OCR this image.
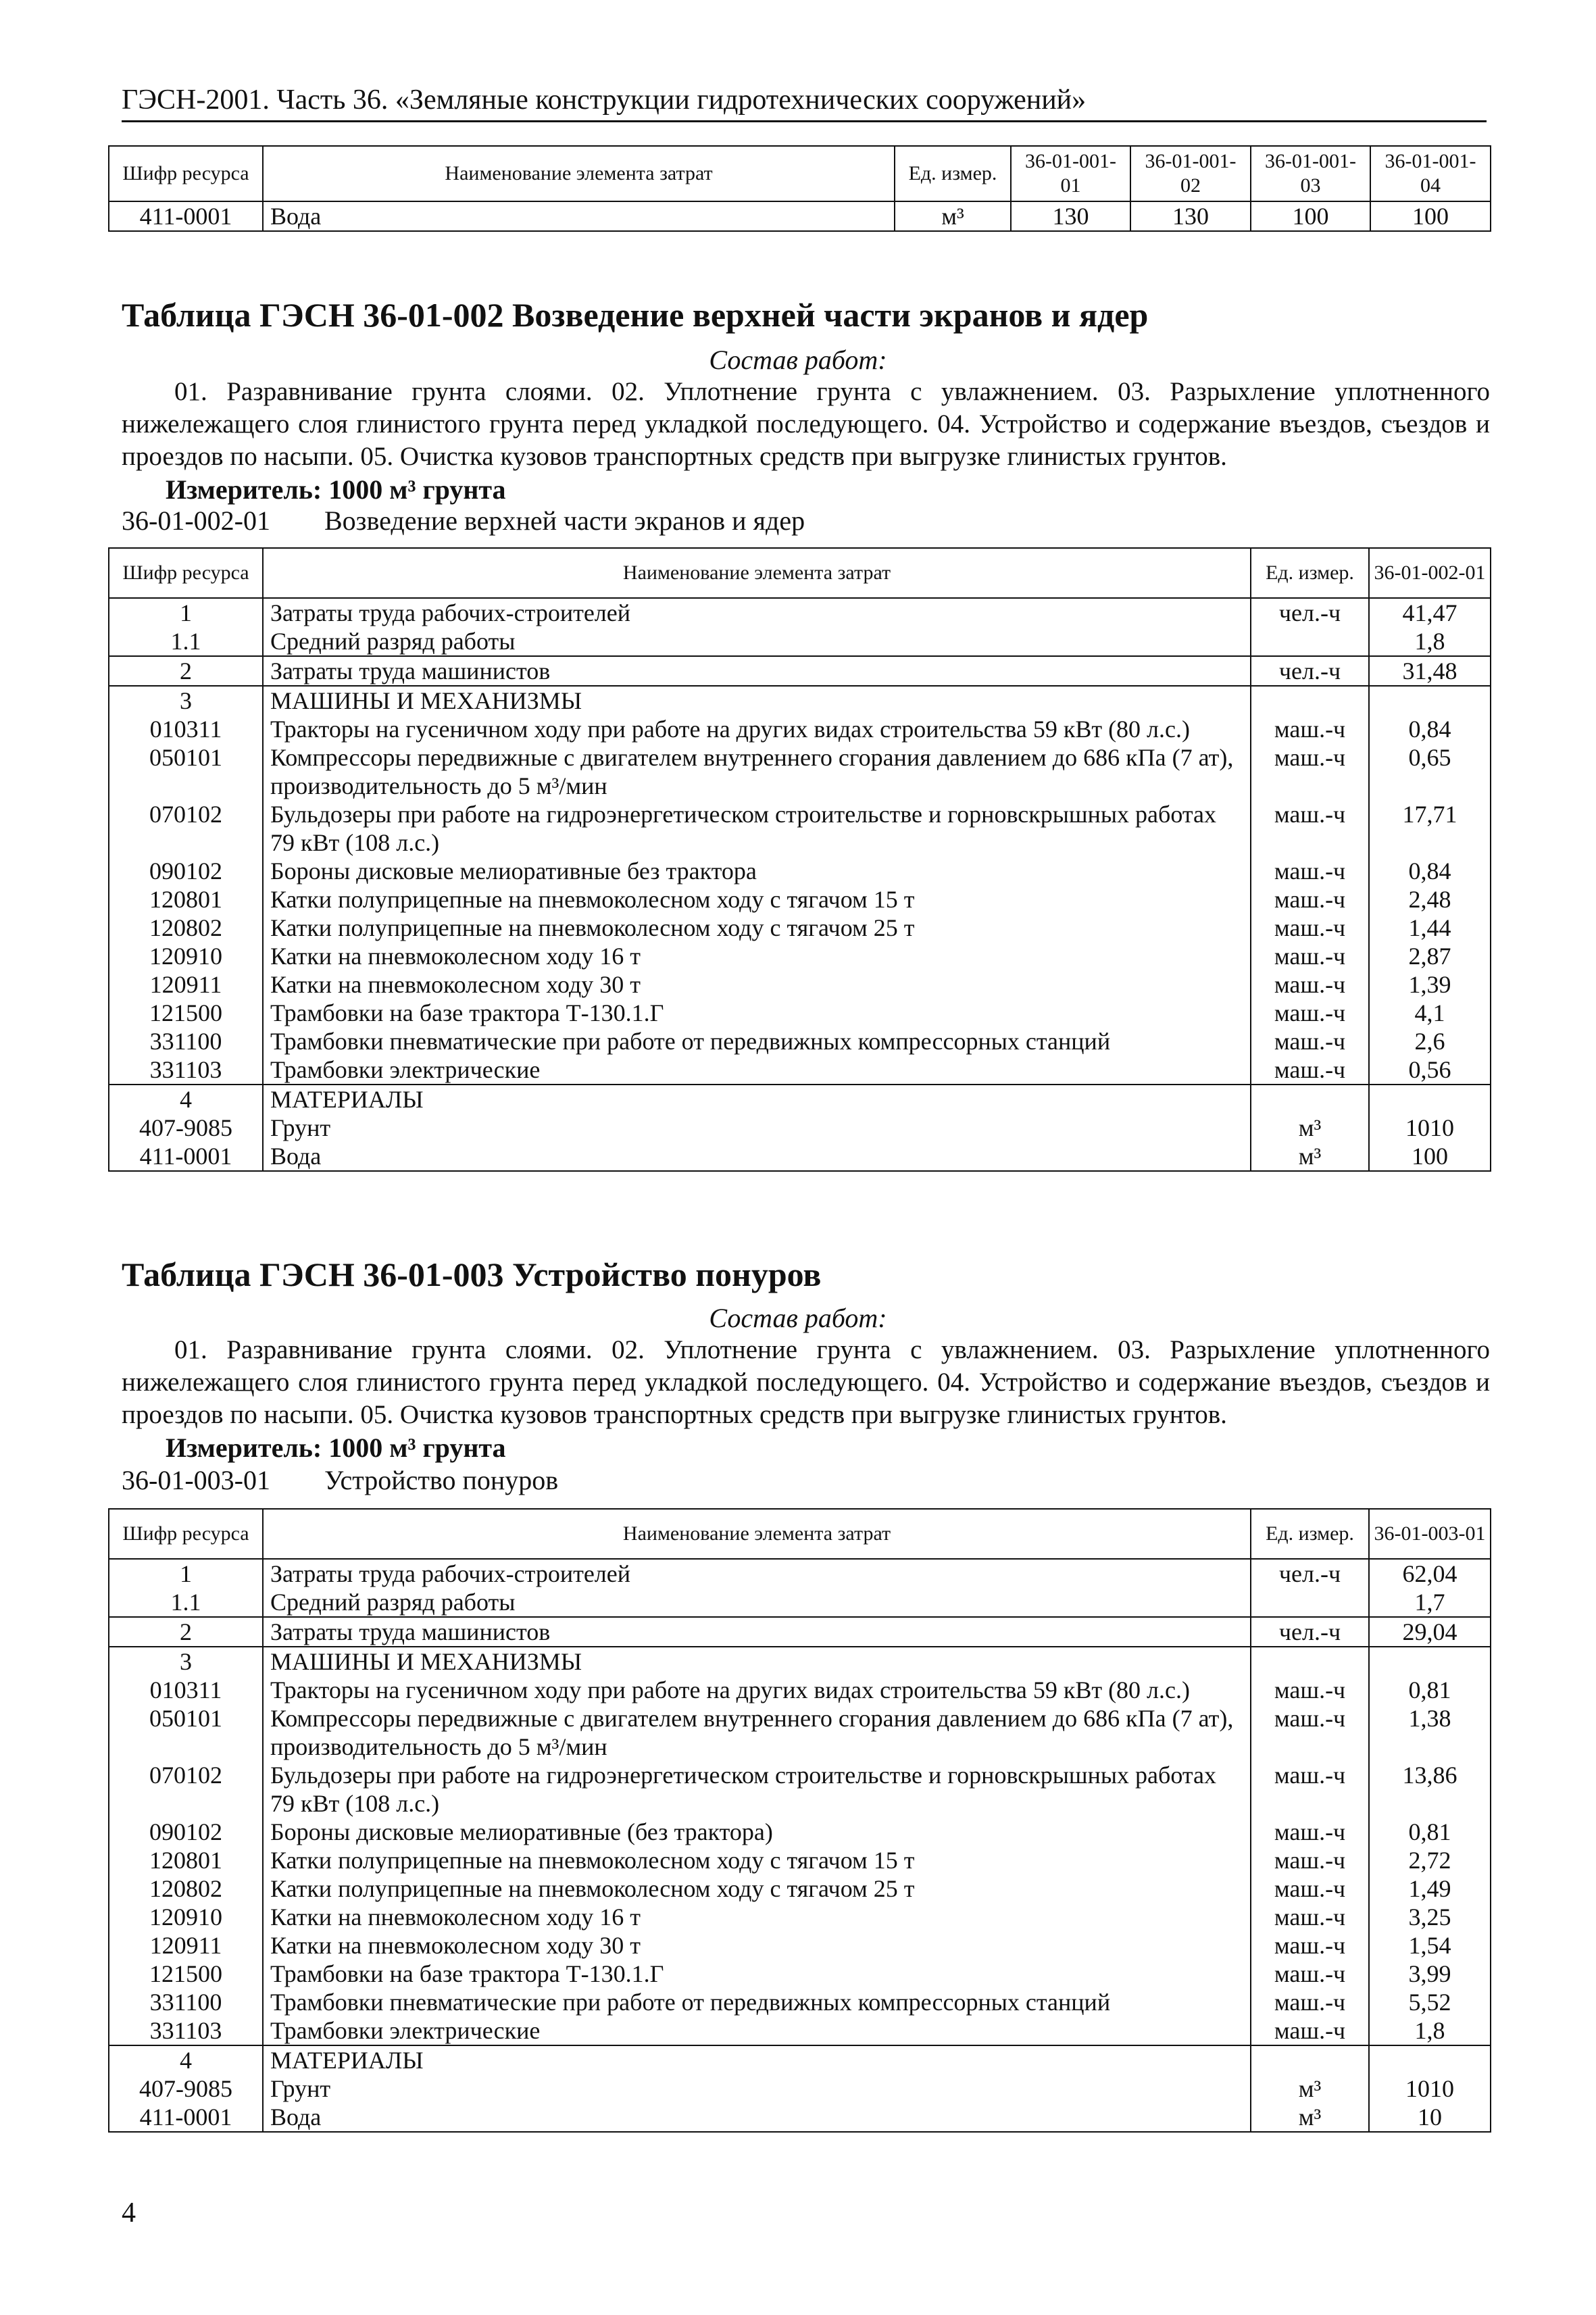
ГЭСН-2001. Часть 36. «Земляные конструкции гидротехнических сооружений»
Шифр ресурса	Наименование элемента затрат	Ед. измер.	36-01-001-01	36-01-001-02	36-01-001-03	36-01-001-04
411-0001	Вода	м³	130	130	100	100
Таблица ГЭСН 36-01-002 Возведение верхней части экранов и ядер
Состав работ:
01. Разравнивание грунта слоями. 02. Уплотнение грунта с увлажнением. 03. Разрыхление уплотненного нижележащего слоя глинистого грунта перед укладкой последующего. 04. Устройство и содержание въездов, съездов и проездов по насыпи. 05. Очистка кузовов транспортных средств при выгрузке глинистых грунтов.
Измеритель: 1000 м³ грунта
36-01-002-01 Возведение верхней части экранов и ядер
Шифр ресурса	Наименование элемента затрат	Ед. измер.	36-01-002-01
1	Затраты труда рабочих-строителей	чел.-ч	41,47
1.1	Средний разряд работы		1,8
2	Затраты труда машинистов	чел.-ч	31,48
3	МАШИНЫ И МЕХАНИЗМЫ		
010311	Тракторы на гусеничном ходу при работе на других видах строительства 59 кВт (80 л.с.)	маш.-ч	0,84
050101	Компрессоры передвижные с двигателем внутреннего сгорания давлением до 686 кПа (7 ат), производительность до 5 м³/мин	маш.-ч	0,65
070102	Бульдозеры при работе на гидроэнергетическом строительстве и горновскрышных работах 79 кВт (108 л.с.)	маш.-ч	17,71
090102	Бороны дисковые мелиоративные без трактора	маш.-ч	0,84
120801	Катки полуприцепные на пневмоколесном ходу с тягачом 15 т	маш.-ч	2,48
120802	Катки полуприцепные на пневмоколесном ходу с тягачом 25 т	маш.-ч	1,44
120910	Катки на пневмоколесном ходу 16 т	маш.-ч	2,87
120911	Катки на пневмоколесном ходу 30 т	маш.-ч	1,39
121500	Трамбовки на базе трактора Т-130.1.Г	маш.-ч	4,1
331100	Трамбовки пневматические при работе от передвижных компрессорных станций	маш.-ч	2,6
331103	Трамбовки электрические	маш.-ч	0,56
4	МАТЕРИАЛЫ		
407-9085	Грунт	м³	1010
411-0001	Вода	м³	100
Таблица ГЭСН 36-01-003 Устройство понуров
Состав работ:
01. Разравнивание грунта слоями. 02. Уплотнение грунта с увлажнением. 03. Разрыхление уплотненного нижележащего слоя глинистого грунта перед укладкой последующего. 04. Устройство и содержание въездов, съездов и проездов по насыпи. 05. Очистка кузовов транспортных средств при выгрузке глинистых грунтов.
Измеритель: 1000 м³ грунта
36-01-003-01 Устройство понуров
Шифр ресурса	Наименование элемента затрат	Ед. измер.	36-01-003-01
1	Затраты труда рабочих-строителей	чел.-ч	62,04
1.1	Средний разряд работы		1,7
2	Затраты труда машинистов	чел.-ч	29,04
3	МАШИНЫ И МЕХАНИЗМЫ		
010311	Тракторы на гусеничном ходу при работе на других видах строительства 59 кВт (80 л.с.)	маш.-ч	0,81
050101	Компрессоры передвижные с двигателем внутреннего сгорания давлением до 686 кПа (7 ат), производительность до 5 м³/мин	маш.-ч	1,38
070102	Бульдозеры при работе на гидроэнергетическом строительстве и горновскрышных работах 79 кВт (108 л.с.)	маш.-ч	13,86
090102	Бороны дисковые мелиоративные (без трактора)	маш.-ч	0,81
120801	Катки полуприцепные на пневмоколесном ходу с тягачом 15 т	маш.-ч	2,72
120802	Катки полуприцепные на пневмоколесном ходу с тягачом 25 т	маш.-ч	1,49
120910	Катки на пневмоколесном ходу 16 т	маш.-ч	3,25
120911	Катки на пневмоколесном ходу 30 т	маш.-ч	1,54
121500	Трамбовки на базе трактора Т-130.1.Г	маш.-ч	3,99
331100	Трамбовки пневматические при работе от передвижных компрессорных станций	маш.-ч	5,52
331103	Трамбовки электрические	маш.-ч	1,8
4	МАТЕРИАЛЫ		
407-9085	Грунт	м³	1010
411-0001	Вода	м³	10
4
